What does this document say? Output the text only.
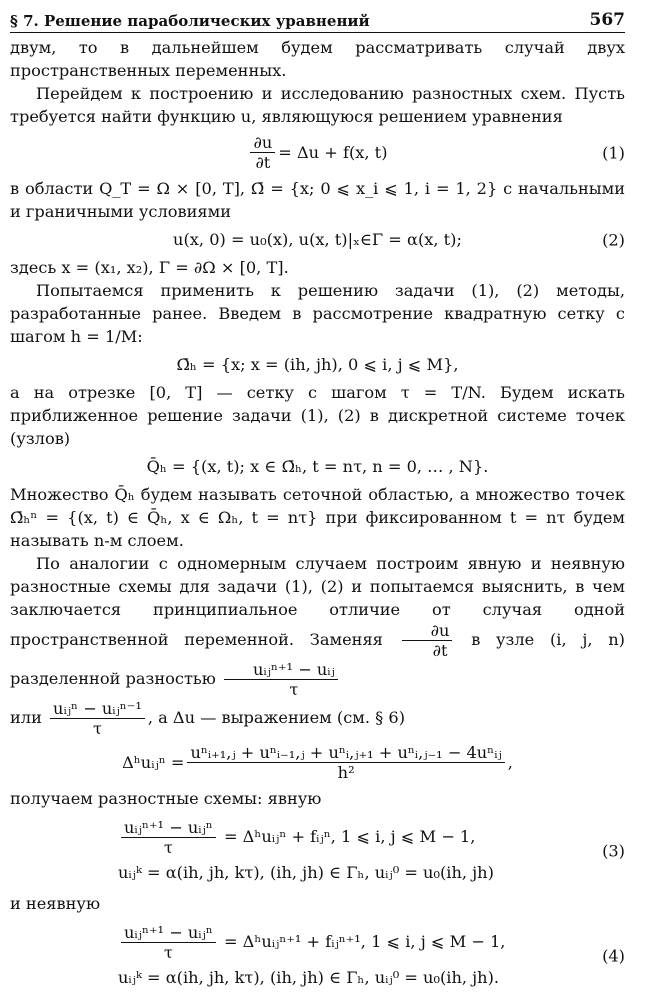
§ 7. Решение параболических уравнений	567

двум, то в дальнейшем будем рассматривать случай двух пространственных переменных.

Перейдем к построению и исследованию разностных схем. Пусть требуется найти функцию u, являющуюся решением уравнения

$\frac{\partial u}{\partial t} = \Delta u + f(x$, t)	(1)

в области Q_T = Ω × [0, T], Ω̄ = {x; 0 ⩽ x_i ⩽ 1, i = 1, 2} с начальными и граничными условиями

u(x, 0) = u₀(x), u(x, t)|ₓ∈Γ = α(x, t);	(2)

здесь x = (x₁, x₂), Γ = ∂Ω × [0, T].

Попытаемся применить к решению задачи (1), (2) методы, разработанные ранее. Введем в рассмотрение квадратную сетку с шагом h = 1/M:

Ω̄ₕ = {x; x = (ih, jh), 0 ⩽ i, j ⩽ M},

а на отрезке [0, T] — сетку с шагом τ = T/N. Будем искать приближенное решение задачи (1), (2) в дискретной системе точек (узлов)

Q̄ₕ = {(x, t); x ∈ Ω̄ₕ, t = nτ, n = 0, … , N}.

Множество Q̄ₕ будем называть сеточной областью, а множество точек Ω̄ₕⁿ = {(x, t) ∈ Q̄ₕ, x ∈ Ωₕ, t = nτ} при фиксированном t = nτ будем называть n-м слоем.

По аналогии с одномерным случаем построим явную и неявную разностные схемы для задачи (1), (2) и попытаемся выяснить, в чем заключается принципиальное отличие от случая одной пространственной переменной. Заменяя $\frac{\partial u}{\partial t}$ в узле (i, j, n) разделенной разностью $\frac{\text{uᵢⱼⁿ⁺¹ − uᵢⱼ}}{\tau}$

или $\frac{\text{uᵢⱼⁿ − uᵢⱼⁿ⁻¹}}{\tau}$ , а Δu — выражением (см. § 6)

Δʰuᵢⱼⁿ = $\frac{\text{uⁿᵢ₊₁,ⱼ + uⁿᵢ₋₁,ⱼ + uⁿᵢ,ⱼ₊₁ + uⁿᵢ,ⱼ₋₁ − 4uⁿᵢⱼ}}{\text{h²}}$ ,

получаем разностные схемы: явную

$\frac{\text{uᵢⱼⁿ⁺¹ − uᵢⱼⁿ}}{\tau}$ = Δʰuᵢⱼⁿ + fᵢⱼⁿ, 1 ⩽ i, j ⩽ M − 1,
uᵢⱼᵏ = α(ih, jh, kτ), (ih, jh) ∈ Γₕ, uᵢⱼ⁰ = u₀(ih, jh)
(3)

и неявную

$\frac{\text{uᵢⱼⁿ⁺¹ − uᵢⱼⁿ}}{\tau}$ = Δʰuᵢⱼⁿ⁺¹ + fᵢⱼⁿ⁺¹, 1 ⩽ i, j ⩽ M − 1,
uᵢⱼᵏ = α(ih, jh, kτ), (ih, jh) ∈ Γₕ, uᵢⱼ⁰ = u₀(ih, jh).
(4)
